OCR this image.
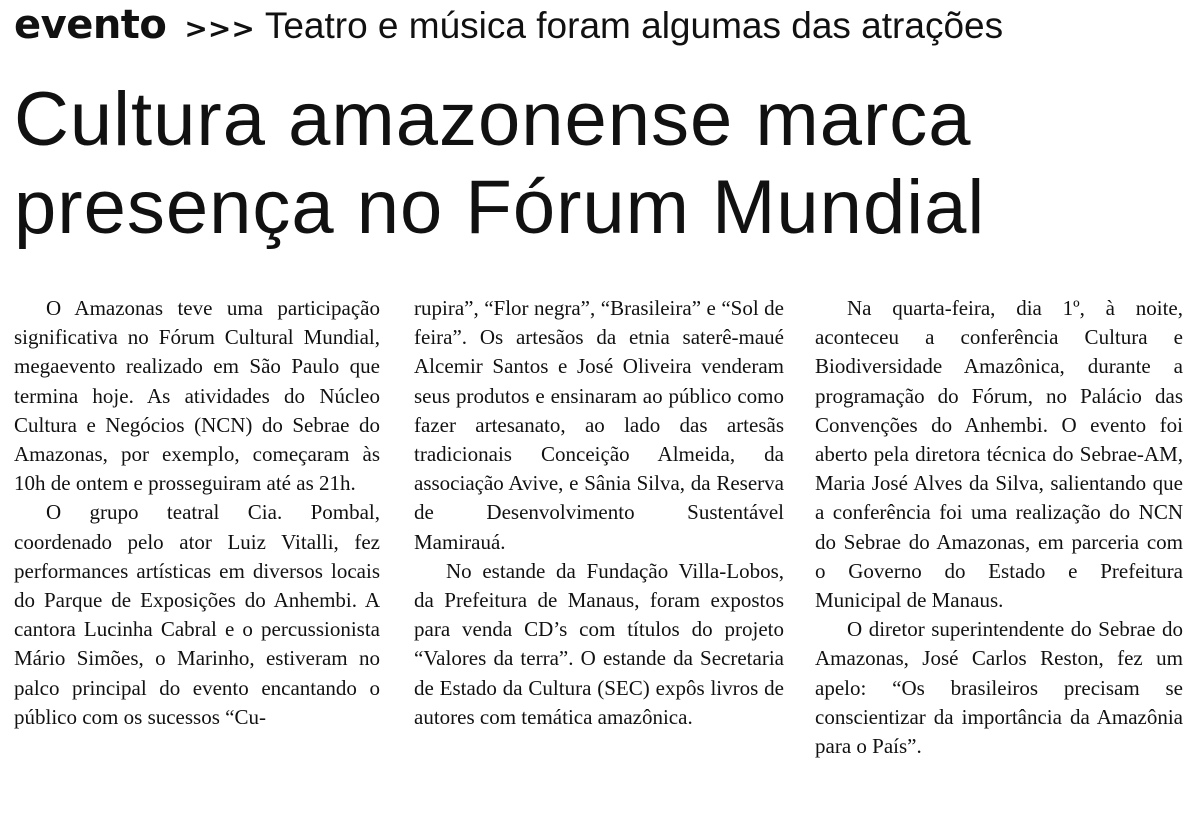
evento >>> Teatro e música foram algumas das atrações
Cultura amazonense marca
presença no Fórum Mundial

O Amazonas teve uma participação significativa no Fórum Cultural Mundial, megaevento realizado em São Paulo que termina hoje. As atividades do Núcleo Cultura e Negócios (NCN) do Sebrae do Amazonas, por exemplo, começaram às 10h de ontem e prosseguiram até as 21h.

O grupo teatral Cia. Pombal, coordenado pelo ator Luiz Vitalli, fez performances artísticas em diversos locais do Parque de Exposições do Anhembi. A cantora Lucinha Cabral e o percussionista Mário Simões, o Marinho, estiveram no palco principal do evento encantando o público com os sucessos “Cu-

rupira”, “Flor negra”, “Brasileira” e “Sol de feira”. Os artesãos da etnia saterê-maué Alcemir Santos e José Oliveira venderam seus produtos e ensinaram ao público como fazer artesanato, ao lado das artesãs tradicionais Conceição Almeida, da associação Avive, e Sânia Silva, da Reserva de Desenvolvimento Sustentável Mamirauá.

No estande da Fundação Villa-Lobos, da Prefeitura de Manaus, foram expostos para venda CD’s com títulos do projeto “Valores da terra”. O estande da Secretaria de Estado da Cultura (SEC) expôs livros de autores com temática amazônica.

Na quarta-feira, dia 1º, à noite, aconteceu a conferência Cultura e Biodiversidade Amazônica, durante a programação do Fórum, no Palácio das Convenções do Anhembi. O evento foi aberto pela diretora técnica do Sebrae-AM, Maria José Alves da Silva, salientando que a conferência foi uma realização do NCN do Sebrae do Amazonas, em parceria com o Governo do Estado e Prefeitura Municipal de Manaus.

O diretor superintendente do Sebrae do Amazonas, José Carlos Reston, fez um apelo: “Os brasileiros precisam se conscientizar da importância da Amazônia para o País”.
